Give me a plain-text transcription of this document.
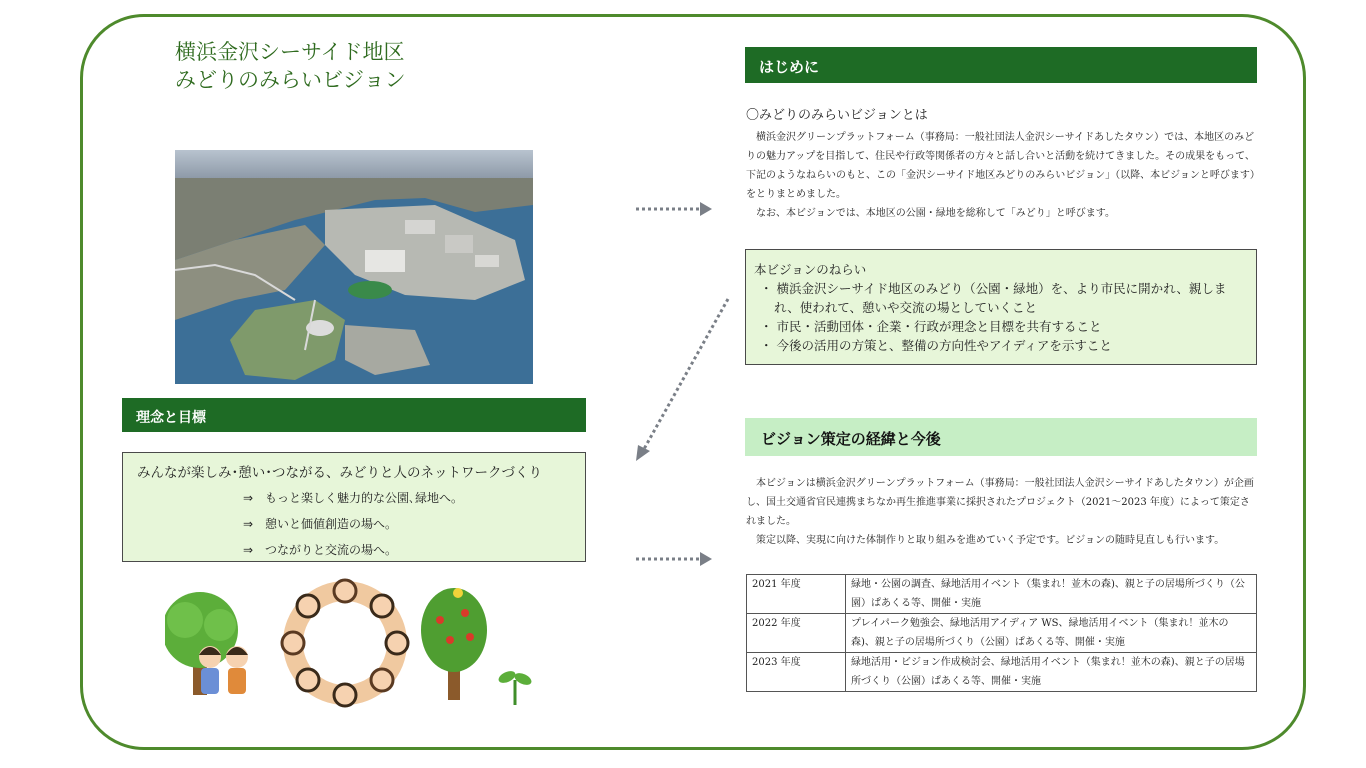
横浜金沢シーサイド地区
みどりのみらいビジョン
理念と目標
みんなが楽しみ･憩い･つながる、みどりと人のネットワークづくり
⇒　もっと楽しく魅力的な公園､緑地へ。
⇒　憩いと価値創造の場へ。
⇒　つながりと交流の場へ。
はじめに
〇みどりのみらいビジョンとは
横浜金沢グリーンプラットフォーム（事務局：一般社団法人金沢シーサイドあしたタウン）では、本地区のみどりの魅力アップを目指して、住民や行政等関係者の方々と話し合いと活動を続けてきました。その成果をもって、下記のようなねらいのもと、この「金沢シーサイド地区みどりのみらいビジョン」（以降、本ビジョンと呼びます）をとりまとめました。
なお、本ビジョンでは、本地区の公園・緑地を総称して「みどり」と呼びます。
本ビジョンのねらい
・ 横浜金沢シーサイド地区のみどり（公園・緑地）を、より市民に開かれ、親しまれ、使われて、憩いや交流の場としていくこと
・ 市民・活動団体・企業・行政が理念と目標を共有すること
・ 今後の活用の方策と、整備の方向性やアイディアを示すこと
ビジョン策定の経緯と今後
本ビジョンは横浜金沢グリーンプラットフォーム（事務局：一般社団法人金沢シーサイドあしたタウン）が企画し、国土交通省官民連携まちなか再生推進事業に採択されたプロジェクト（2021～2023 年度）によって策定されました。
策定以降、実現に向けた体制作りと取り組みを進めていく予定です。ビジョンの随時見直しも行います。
2021 年度	緑地・公園の調査、緑地活用イベント（集まれ！並木の森)、親と子の居場所づくり（公園）ぱあくる等、開催・実施
2022 年度	プレイパーク勉強会、緑地活用アイディア WS、緑地活用イベント（集まれ！並木の森)、親と子の居場所づくり（公園）ぱあくる等、開催・実施
2023 年度	緑地活用・ビジョン作成検討会、緑地活用イベント（集まれ！並木の森)、親と子の居場所づくり（公園）ぱあくる等、開催・実施
